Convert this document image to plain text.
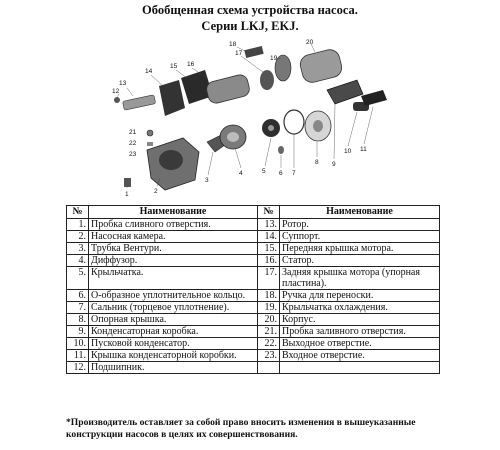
Обобщенная схема устройства насоса.
Серии LKJ, EKJ.
1	2
3
4	5 6 7
8 9
10 11
12
13
14
15 16
17
18
19
20
21
22
23
№	Наименование	№	Наименование
1.	Пробка сливного отверстия.	13.	Ротор.
2.	Насосная камера.	14.	Суппорт.
3.	Трубка Вентури.	15.	Передняя крышка мотора.
4.	Диффузор.	16.	Статор.
5.	Крыльчатка.	17.	Задняя крышка мотора (упорная пластина).
6.	О-образное уплотнительное кольцо.	18.	Ручка для переноски.
7.	Сальник (торцевое уплотнение).	19.	Крыльчатка охлаждения.
8.	Опорная крышка.	20.	Корпус.
9.	Конденсаторная коробка.	21.	Пробка заливного отверстия.
10.	Пусковой конденсатор.	22.	Выходное отверстие.
11.	Крышка конденсаторной коробки.	23.	Входное отверстие.
12.	Подшипник.		
*Производитель оставляет за собой право вносить изменения в вышеуказанные конструкции насосов в целях их совершенствования.
